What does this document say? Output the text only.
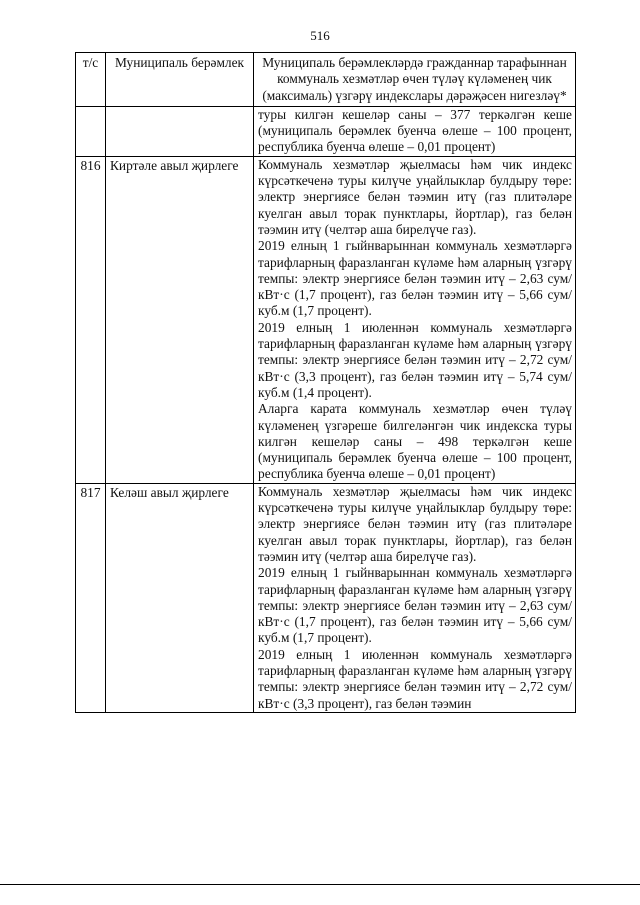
516
т/с	Муниципаль берәмлек	Муниципаль берәмлекләрдә гражданнар тарафыннан коммуналь хезмәтләр өчен түләү күләменең чик (максималь) үзгәрү индекслары дәрәҗәсен нигезләү*
		туры килгән кешеләр саны – 377 теркәлгән кеше (муниципаль берәмлек буенча өлеше – 100 процент, республика буенча өлеше – 0,01 процент)
816	Киртәле авыл җирлеге	Коммуналь хезмәтләр җыелмасы һәм чик индекс күрсәткеченә туры килүче уңайлыклар булдыру төре: электр энергиясе белән тәэмин итү (газ плитәләре куелган авыл торак пунктлары, йортлар), газ белән тәэмин итү (челтәр аша бирелүче газ).
2019 елның 1 гыйнварыннан коммуналь хезмәтләргә тарифларның фаразланган күләме һәм аларның үзгәрү темпы: электр энергиясе белән тәэмин итү – 2,63 сум/кВт·с (1,7 процент), газ белән тәэмин итү – 5,66 сум/куб.м (1,7 процент).
2019 елның 1 июленнән коммуналь хезмәтләргә тарифларның фаразланган күләме һәм аларның үзгәрү темпы: электр энергиясе белән тәэмин итү – 2,72 сум/кВт·с (3,3 процент), газ белән тәэмин итү – 5,74 сум/куб.м (1,4 процент).
Аларга карата коммуналь хезмәтләр өчен түләү күләменең үзгәреше билгеләнгән чик индекска туры килгән кешеләр саны – 498 теркәлгән кеше (муниципаль берәмлек буенча өлеше – 100 процент, республика буенча өлеше – 0,01 процент)

817	Келәш авыл җирлеге	Коммуналь хезмәтләр җыелмасы һәм чик индекс күрсәткеченә туры килүче уңайлыклар булдыру төре: электр энергиясе белән тәэмин итү (газ плитәләре куелган авыл торак пунктлары, йортлар), газ белән тәэмин итү (челтәр аша бирелүче газ).
2019 елның 1 гыйнварыннан коммуналь хезмәтләргә тарифларның фаразланган күләме һәм аларның үзгәрү темпы: электр энергиясе белән тәэмин итү – 2,63 сум/кВт·с (1,7 процент), газ белән тәэмин итү – 5,66 сум/куб.м (1,7 процент).
2019 елның 1 июленнән коммуналь хезмәтләргә тарифларның фаразланган күләме һәм аларның үзгәрү темпы: электр энергиясе белән тәэмин итү – 2,72 сум/кВт·с (3,3 процент), газ белән тәэмин
